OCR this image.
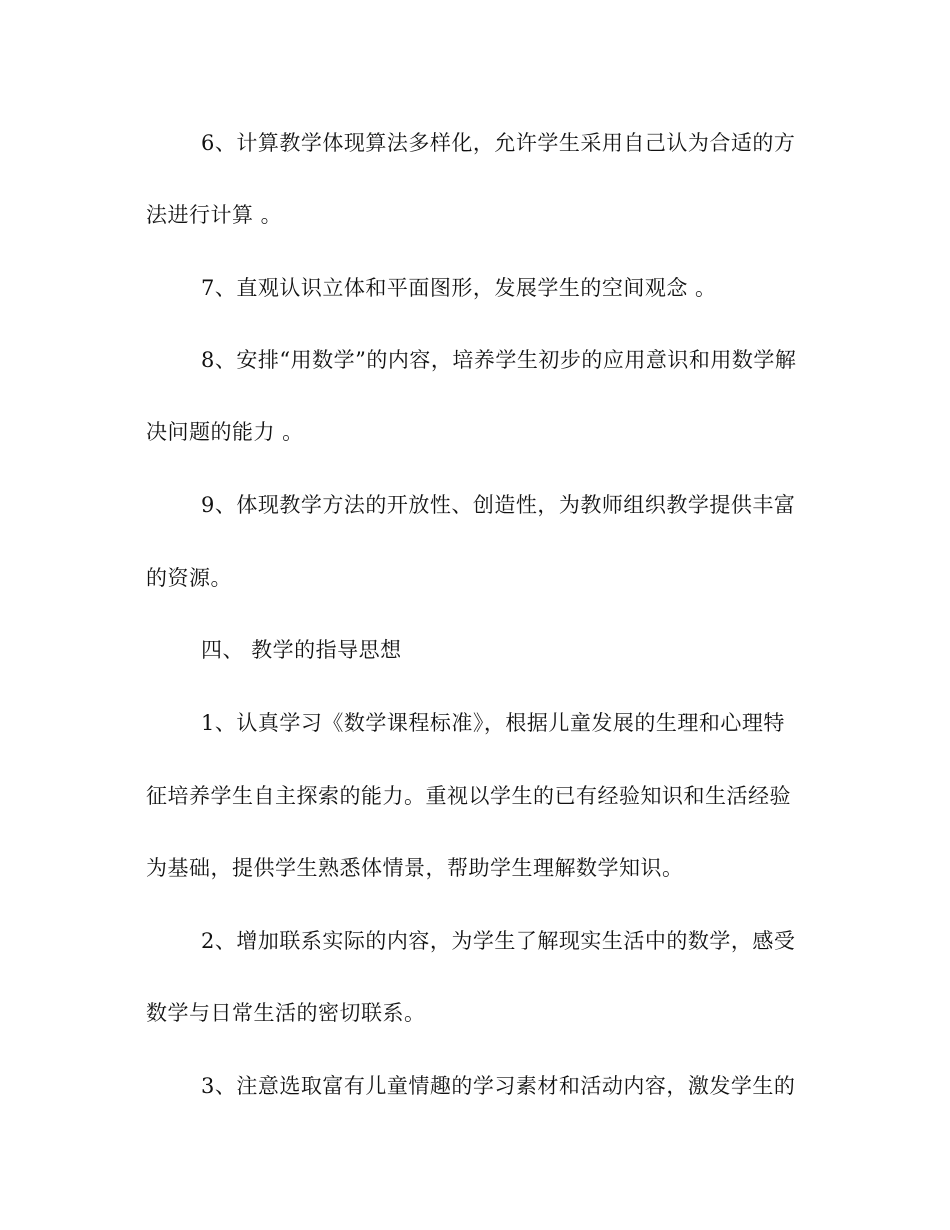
6、计算教学体现算法多样化，允许学生采用自己认为合适的方
法进行计算 。
7、直观认识立体和平面图形，发展学生的空间观念 。
8、安排“用数学”的内容，培养学生初步的应用意识和用数学解
决问题的能力 。
9、体现教学方法的开放性、创造性，为教师组织教学提供丰富
的资源。
四、 教学的指导思想
1、认真学习《数学课程标准》，根据儿童发展的生理和心理特
征培养学生自主探索的能力。重视以学生的已有经验知识和生活经验
为基础，提供学生熟悉体情景，帮助学生理解数学知识。
2、增加联系实际的内容，为学生了解现实生活中的数学，感受
数学与日常生活的密切联系。
3、注意选取富有儿童情趣的学习素材和活动内容，激发学生的
